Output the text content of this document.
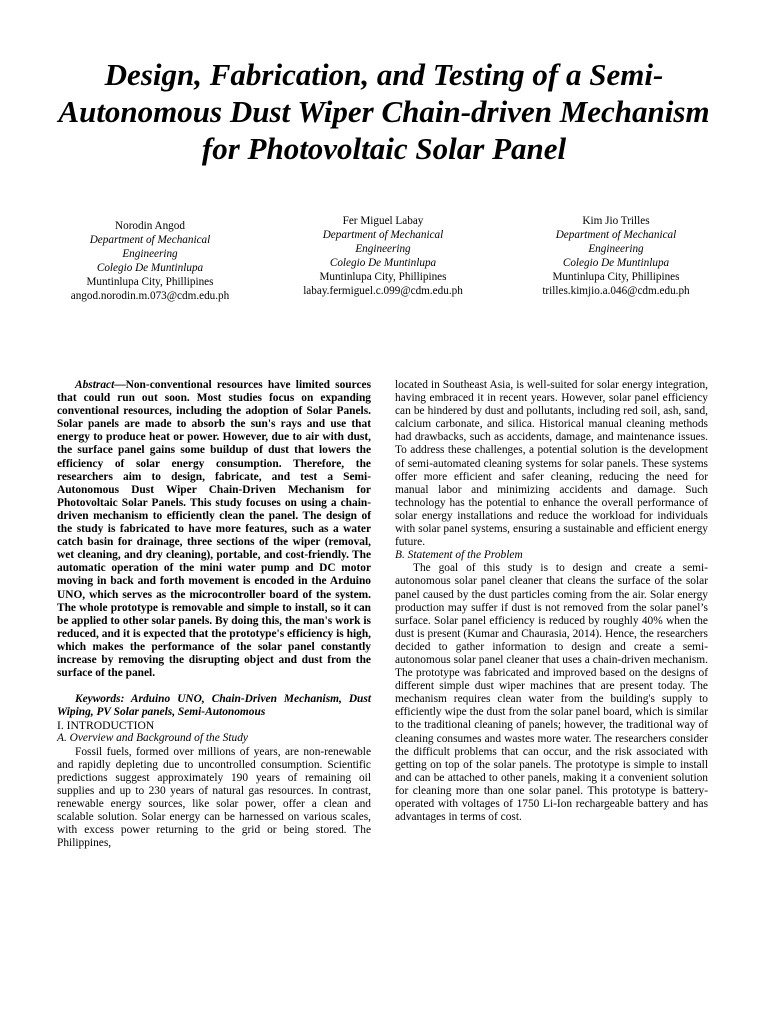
Design, Fabrication, and Testing of a Semi-Autonomous Dust Wiper Chain-driven Mechanism for Photovoltaic Solar Panel
Norodin Angod
Department of Mechanical
Engineering
Colegio De Muntinlupa
Muntinlupa City, Phillipines
angod.norodin.m.073@cdm.edu.ph
Fer Miguel Labay
Department of Mechanical
Engineering
Colegio De Muntinlupa
Muntinlupa City, Phillipines
labay.fermiguel.c.099@cdm.edu.ph
Kim Jio Trilles
Department of Mechanical
Engineering
Colegio De Muntinlupa
Muntinlupa City, Phillipines
trilles.kimjio.a.046@cdm.edu.ph

Abstract—Non-conventional resources have limited sources that could run out soon. Most studies focus on expanding conventional resources, including the adoption of Solar Panels. Solar panels are made to absorb the sun's rays and use that energy to produce heat or power. However, due to air with dust, the surface panel gains some buildup of dust that lowers the efficiency of solar energy consumption. Therefore, the researchers aim to design, fabricate, and test a Semi-Autonomous Dust Wiper Chain-Driven Mechanism for Photovoltaic Solar Panels. This study focuses on using a chain-driven mechanism to efficiently clean the panel. The design of the study is fabricated to have more features, such as a water catch basin for drainage, three sections of the wiper (removal, wet cleaning, and dry cleaning), portable, and cost-friendly. The automatic operation of the mini water pump and DC motor moving in back and forth movement is encoded in the Arduino UNO, which serves as the microcontroller board of the system. The whole prototype is removable and simple to install, so it can be applied to other solar panels. By doing this, the man's work is reduced, and it is expected that the prototype's efficiency is high, which makes the performance of the solar panel constantly increase by removing the disrupting object and dust from the surface of the panel.

Keywords: Arduino UNO, Chain-Driven Mechanism, Dust Wiping, PV Solar panels, Semi-Autonomous

I. INTRODUCTION

A. Overview and Background of the Study

Fossil fuels, formed over millions of years, are non-renewable and rapidly depleting due to uncontrolled consumption. Scientific predictions suggest approximately 190 years of remaining oil supplies and up to 230 years of natural gas resources. In contrast, renewable energy sources, like solar power, offer a clean and scalable solution. Solar energy can be harnessed on various scales, with excess power returning to the grid or being stored. The Philippines,

located in Southeast Asia, is well-suited for solar energy integration, having embraced it in recent years. However, solar panel efficiency can be hindered by dust and pollutants, including red soil, ash, sand, calcium carbonate, and silica. Historical manual cleaning methods had drawbacks, such as accidents, damage, and maintenance issues. To address these challenges, a potential solution is the development of semi-automated cleaning systems for solar panels. These systems offer more efficient and safer cleaning, reducing the need for manual labor and minimizing accidents and damage. Such technology has the potential to enhance the overall performance of solar energy installations and reduce the workload for individuals with solar panel systems, ensuring a sustainable and efficient energy future.

B. Statement of the Problem

The goal of this study is to design and create a semi-autonomous solar panel cleaner that cleans the surface of the solar panel caused by the dust particles coming from the air. Solar energy production may suffer if dust is not removed from the solar panel’s surface. Solar panel efficiency is reduced by roughly 40% when the dust is present (Kumar and Chaurasia, 2014). Hence, the researchers decided to gather information to design and create a semi-autonomous solar panel cleaner that uses a chain-driven mechanism. The prototype was fabricated and improved based on the designs of different simple dust wiper machines that are present today. The mechanism requires clean water from the building's supply to efficiently wipe the dust from the solar panel board, which is similar to the traditional cleaning of panels; however, the traditional way of cleaning consumes and wastes more water. The researchers consider the difficult problems that can occur, and the risk associated with getting on top of the solar panels. The prototype is simple to install and can be attached to other panels, making it a convenient solution for cleaning more than one solar panel. This prototype is battery-operated with voltages of 1750 Li-Ion rechargeable battery and has advantages in terms of cost.
